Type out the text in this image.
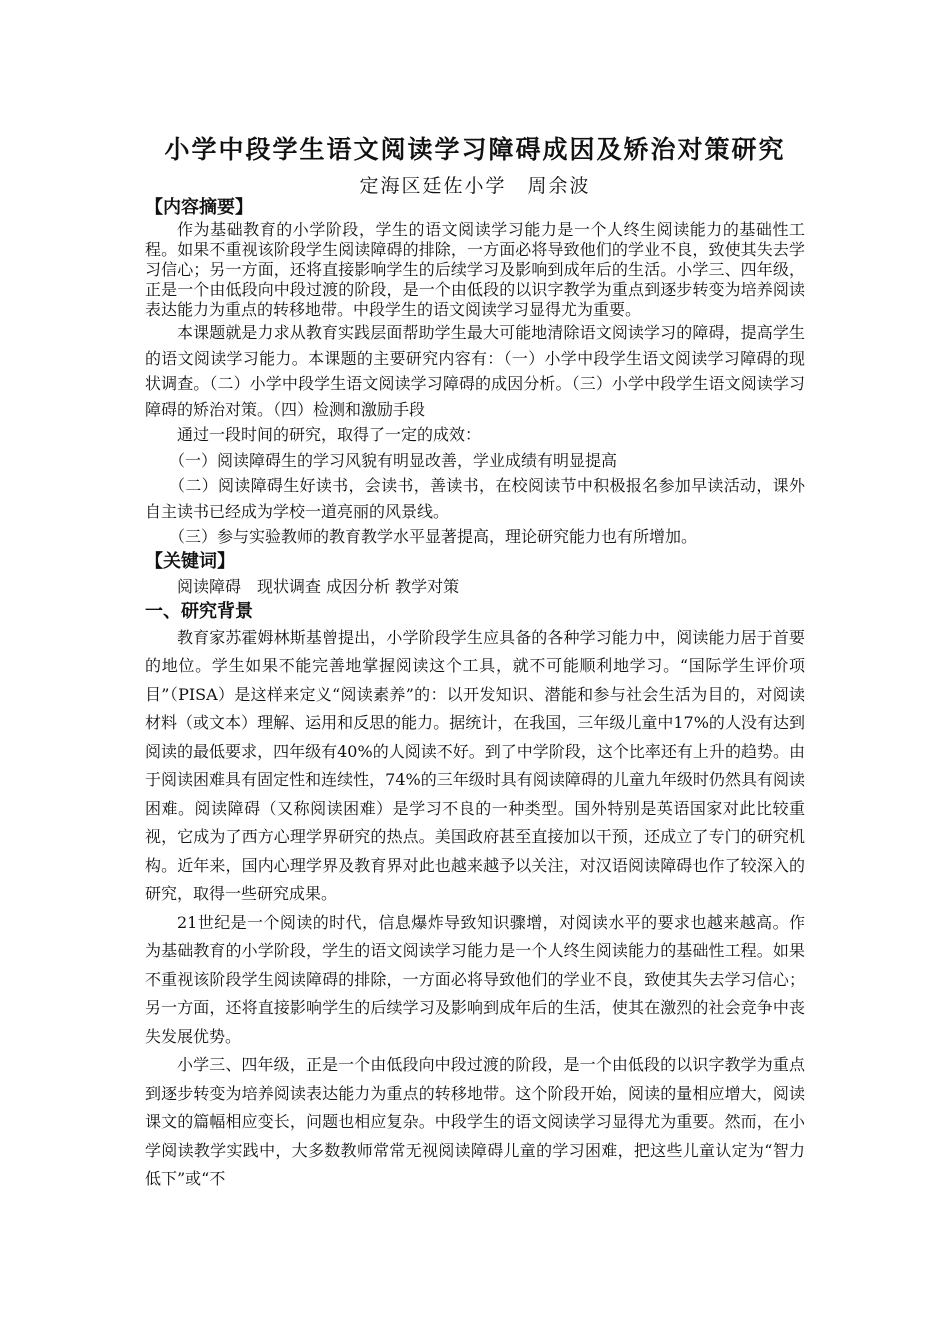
小学中段学生语文阅读学习障碍成因及矫治对策研究
定海区廷佐小学　周余波
【内容摘要】

作为基础教育的小学阶段，学生的语文阅读学习能力是一个人终生阅读能力的基础性工程。如果不重视该阶段学生阅读障碍的排除，一方面必将导致他们的学业不良，致使其失去学习信心；另一方面，还将直接影响学生的后续学习及影响到成年后的生活。小学三、四年级，正是一个由低段向中段过渡的阶段，是一个由低段的以识字教学为重点到逐步转变为培养阅读表达能力为重点的转移地带。中段学生的语文阅读学习显得尤为重要。

本课题就是力求从教育实践层面帮助学生最大可能地清除语文阅读学习的障碍，提高学生的语文阅读学习能力。本课题的主要研究内容有：（一）小学中段学生语文阅读学习障碍的现状调查。（二）小学中段学生语文阅读学习障碍的成因分析。（三）小学中段学生语文阅读学习障碍的矫治对策。（四）检测和激励手段

通过一段时间的研究，取得了一定的成效：

（一）阅读障碍生的学习风貌有明显改善，学业成绩有明显提高

（二）阅读障碍生好读书，会读书，善读书，在校阅读节中积极报名参加早读活动，课外自主读书已经成为学校一道亮丽的风景线。

（三）参与实验教师的教育教学水平显著提高，理论研究能力也有所增加。

【关键词】

阅读障碍　现状调查 成因分析 教学对策

一、研究背景

教育家苏霍姆林斯基曾提出，小学阶段学生应具备的各种学习能力中，阅读能力居于首要的地位。学生如果不能完善地掌握阅读这个工具，就不可能顺利地学习。“国际学生评价项目”（PISA）是这样来定义“阅读素养”的：以开发知识、潜能和参与社会生活为目的，对阅读材料（或文本）理解、运用和反思的能力。据统计，在我国，三年级儿童中17%的人没有达到阅读的最低要求，四年级有40%的人阅读不好。到了中学阶段，这个比率还有上升的趋势。由于阅读困难具有固定性和连续性，74%的三年级时具有阅读障碍的儿童九年级时仍然具有阅读困难。阅读障碍（又称阅读困难）是学习不良的一种类型。国外特别是英语国家对此比较重视，它成为了西方心理学界研究的热点。美国政府甚至直接加以干预，还成立了专门的研究机构。近年来，国内心理学界及教育界对此也越来越予以关注，对汉语阅读障碍也作了较深入的研究，取得一些研究成果。

21世纪是一个阅读的时代，信息爆炸导致知识骤增，对阅读水平的要求也越来越高。作为基础教育的小学阶段，学生的语文阅读学习能力是一个人终生阅读能力的基础性工程。如果不重视该阶段学生阅读障碍的排除，一方面必将导致他们的学业不良，致使其失去学习信心；另一方面，还将直接影响学生的后续学习及影响到成年后的生活，使其在激烈的社会竞争中丧失发展优势。

小学三、四年级，正是一个由低段向中段过渡的阶段，是一个由低段的以识字教学为重点到逐步转变为培养阅读表达能力为重点的转移地带。这个阶段开始，阅读的量相应增大，阅读课文的篇幅相应变长，问题也相应复杂。中段学生的语文阅读学习显得尤为重要。然而，在小学阅读教学实践中，大多数教师常常无视阅读障碍儿童的学习困难，把这些儿童认定为“智力低下”或“不
